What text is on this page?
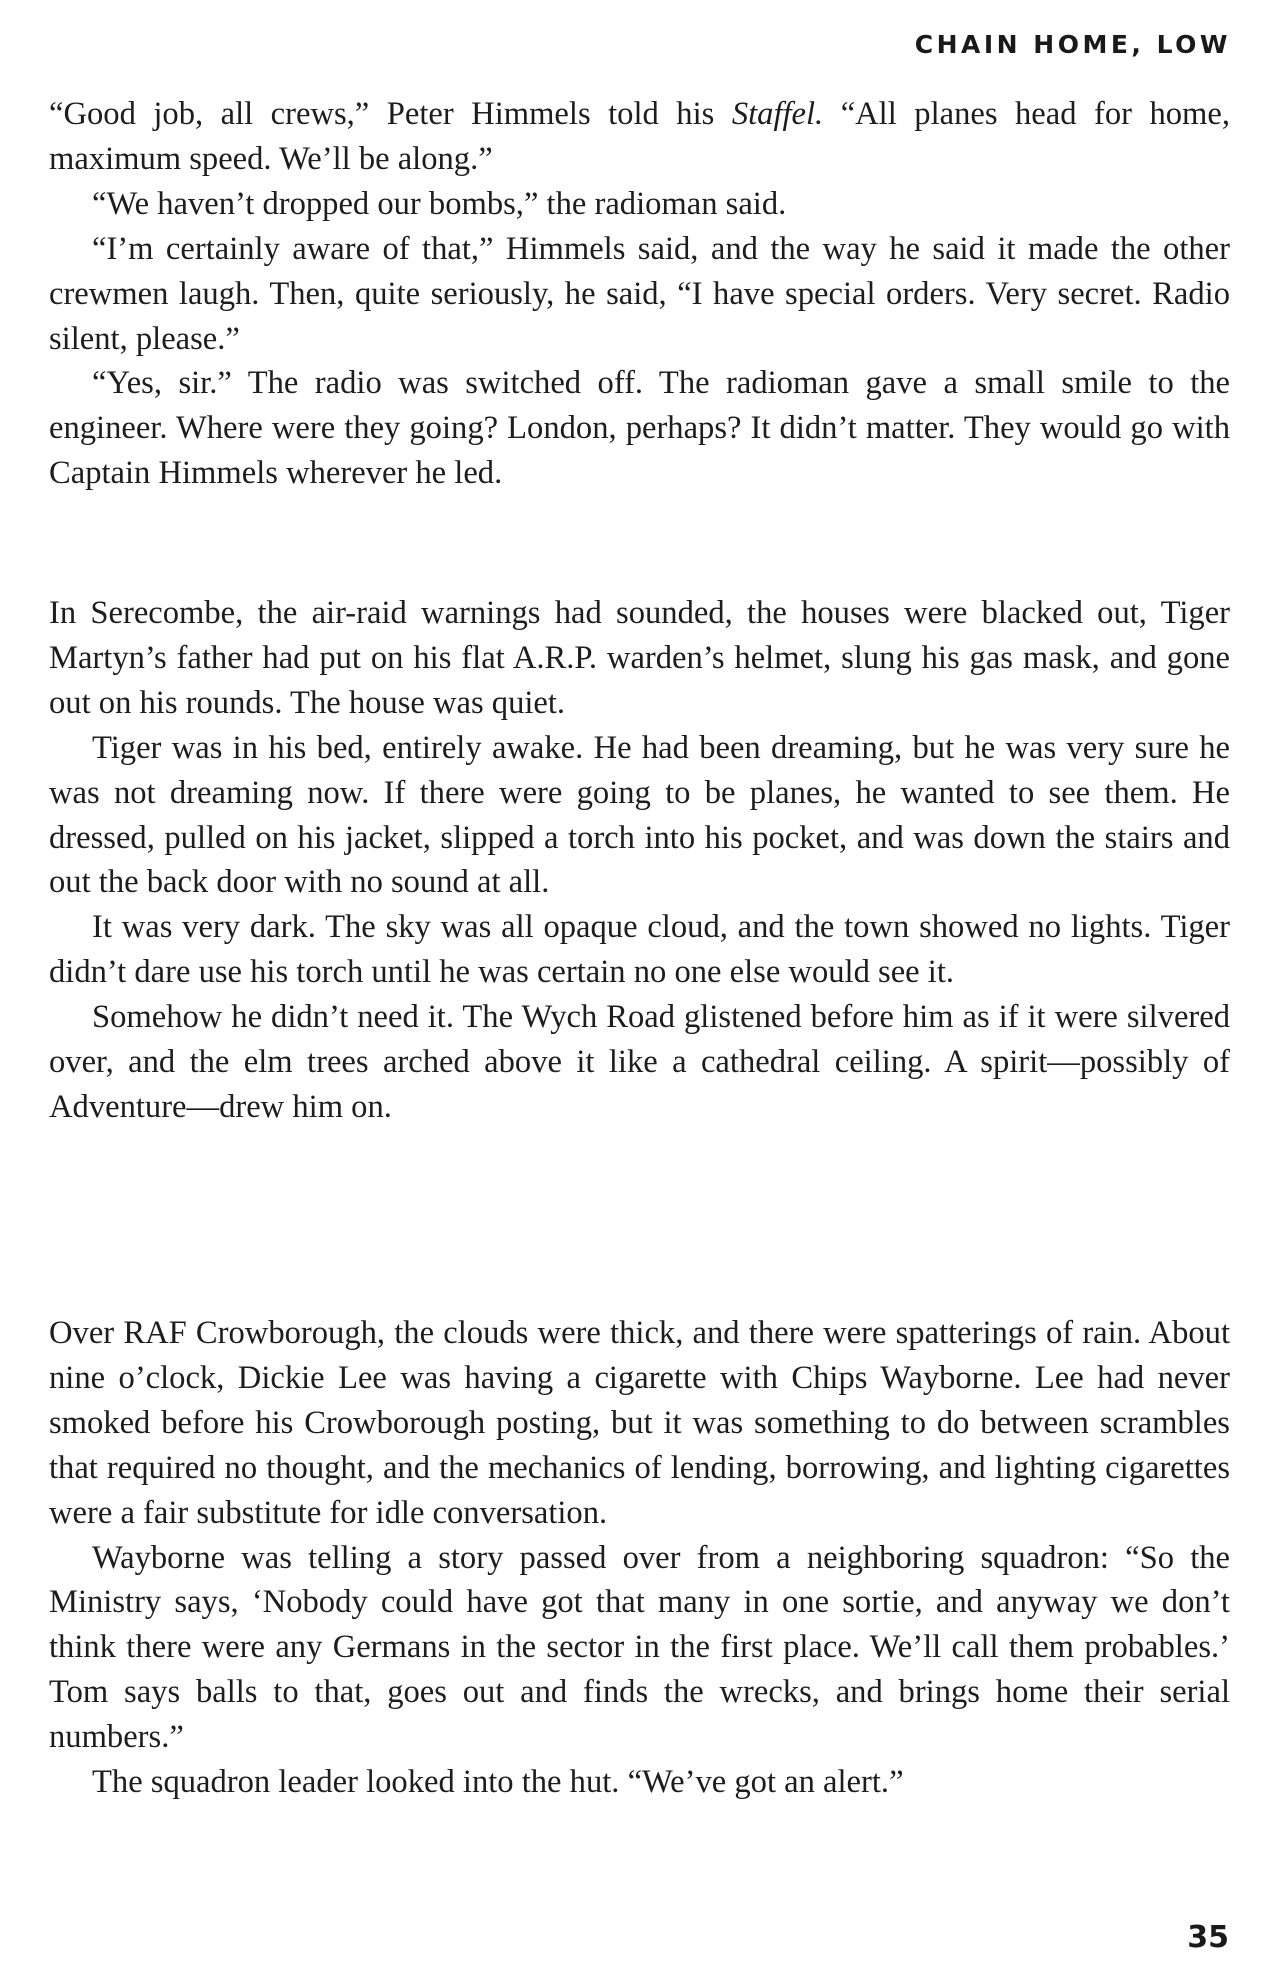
CHAIN HOME, LOW

“Good job, all crews,” Peter Himmels told his Staffel. “All planes head for home, maximum speed. We’ll be along.”

“We haven’t dropped our bombs,” the radioman said.

“I’m certainly aware of that,” Himmels said, and the way he said it made the other crewmen laugh. Then, quite seriously, he said, “I have special orders. Very secret. Radio silent, please.”

“Yes, sir.” The radio was switched off. The radioman gave a small smile to the engineer. Where were they going? London, perhaps? It didn’t matter. They would go with Captain Himmels wherever he led.

In Serecombe, the air-raid warnings had sounded, the houses were blacked out, Tiger Martyn’s father had put on his flat A.R.P. warden’s helmet, slung his gas mask, and gone out on his rounds. The house was quiet.

Tiger was in his bed, entirely awake. He had been dreaming, but he was very sure he was not dreaming now. If there were going to be planes, he wanted to see them. He dressed, pulled on his jacket, slipped a torch into his pocket, and was down the stairs and out the back door with no sound at all.

It was very dark. The sky was all opaque cloud, and the town showed no lights. Tiger didn’t dare use his torch until he was certain no one else would see it.

Somehow he didn’t need it. The Wych Road glistened before him as if it were silvered over, and the elm trees arched above it like a cathedral ceiling. A spirit—possibly of Adventure—drew him on.

Over RAF Crowborough, the clouds were thick, and there were spatterings of rain. About nine o’clock, Dickie Lee was having a cigarette with Chips Wayborne. Lee had never smoked before his Crowborough posting, but it was something to do between scrambles that required no thought, and the mechanics of lending, borrowing, and lighting cigarettes were a fair substitute for idle conversation.

Wayborne was telling a story passed over from a neighboring squadron: “So the Ministry says, ‘Nobody could have got that many in one sortie, and anyway we don’t think there were any Germans in the sector in the first place. We’ll call them probables.’ Tom says balls to that, goes out and finds the wrecks, and brings home their serial numbers.”

The squadron leader looked into the hut. “We’ve got an alert.”

35
